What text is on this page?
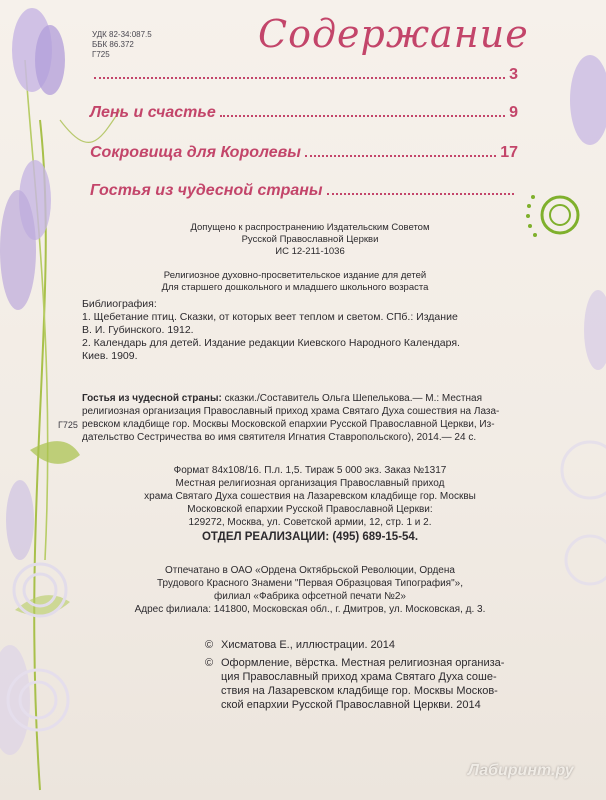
УДК 82-34:087.5
ББК 86.372
Г725	Содержание
3
Лень и счастье	9
Сокровища для Королевы	17
Гостья из чудесной страны
Допущено к распространению Издательским Советом
Русской Православной Церкви
ИС 12-211-1036
Религиозное духовно-просветительское издание для детей
Для старшего дошкольного и младшего школьного возраста
Библиография:
1. Щебетание птиц. Сказки, от которых веет теплом и светом. СПб.: Издание
В. И. Губинского. 1912.
2. Календарь для детей. Издание редакции Киевского Народного Календаря.
Киев. 1909.
Г725
Гостья из чудесной страны: сказки./Составитель Ольга Шепелькова.— М.: Местная
религиозная организация Православный приход храма Святаго Духа сошествия на Лаза-
ревском кладбище гор. Москвы Московской епархии Русской Православной Церкви, Из-
дательство Сестричества во имя святителя Игнатия Ставропольского), 2014.— 24 с.
Формат 84х108/16. П.л. 1,5. Тираж 5 000 экз. Заказ №1317
Местная религиозная организация Православный приход
храма Святаго Духа сошествия на Лазаревском кладбище гор. Москвы
Московской епархии Русской Православной Церкви:
129272, Москва, ул. Советской армии, 12, стр. 1 и 2.
ОТДЕЛ РЕАЛИЗАЦИИ: (495) 689-15-54.
Отпечатано в ОАО «Ордена Октябрьской Революции, Ордена
Трудового Красного Знамени "Первая Образцовая Типография"»,
филиал «Фабрика офсетной печати №2»
Адрес филиала: 141800, Московская обл., г. Дмитров, ул. Московская, д. 3.
© Хисматова Е., иллюстрации. 2014
© Оформление, вёрстка. Местная религиозная организа-
ция Православный приход храма Святаго Духа соше-
ствия на Лазаревском кладбище гор. Москвы Москов-
ской епархии Русской Православной Церкви. 2014
Лабиринт.ру
